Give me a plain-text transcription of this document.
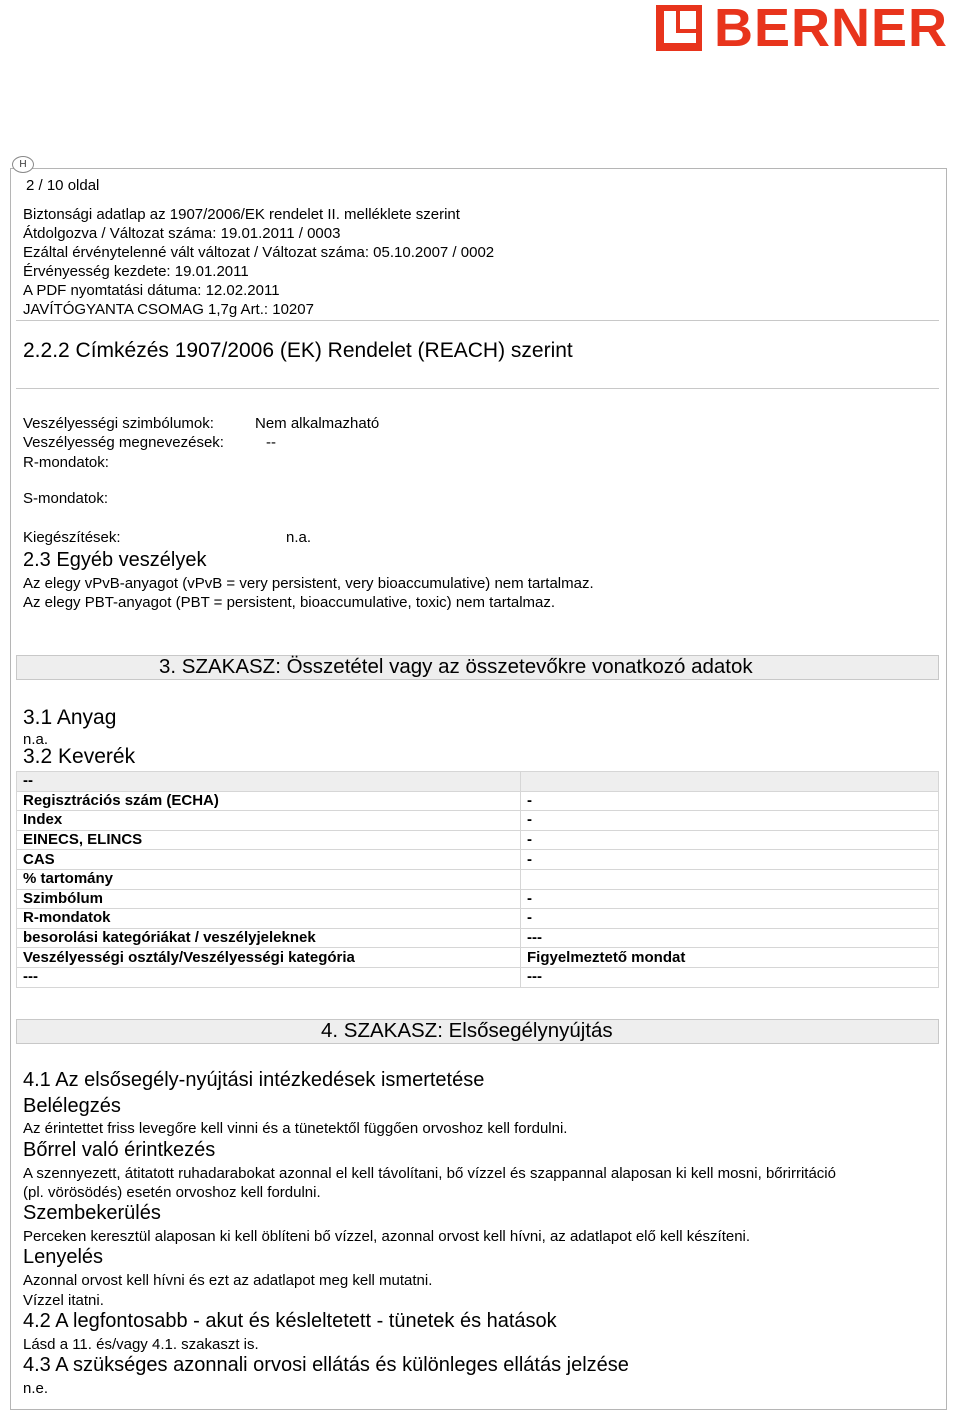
BERNER
H
2 / 10 oldal
Biztonsági adatlap az 1907/2006/EK rendelet II. melléklete szerint
Átdolgozva / Változat száma: 19.01.2011 / 0003
Ezáltal érvénytelenné vált változat / Változat száma: 05.10.2007 / 0002
Érvényesség kezdete: 19.01.2011
A PDF nyomtatási dátuma: 12.02.2011
JAVÍTÓGYANTA CSOMAG 1,7g Art.: 10207
2.2.2 Címkézés 1907/2006 (EK) Rendelet (REACH) szerint
Veszélyességi szimbólumok:	Nem alkalmazható
Veszélyesség megnevezések:	--
R-mondatok:
S-mondatok:
Kiegészítések:	n.a.
2.3 Egyéb veszélyek
Az elegy vPvB-anyagot (vPvB = very persistent, very bioaccumulative) nem tartalmaz.
Az elegy PBT-anyagot (PBT = persistent, bioaccumulative, toxic) nem tartalmaz.
3. SZAKASZ: Összetétel vagy az összetevőkre vonatkozó adatok
3.1 Anyag
n.a.
3.2 Keverék
--	
Regisztrációs szám (ECHA)	-
Index	-
EINECS, ELINCS	-
CAS	-
% tartomány	
Szimbólum	-
R-mondatok	-
besorolási kategóriákat / veszélyjeleknek	---
Veszélyességi osztály/Veszélyességi kategória	Figyelmeztető mondat
---	---
4. SZAKASZ: Elsősegélynyújtás
4.1 Az elsősegély-nyújtási intézkedések ismertetése
Belélegzés
Az érintettet friss levegőre kell vinni és a tünetektől függően orvoshoz kell fordulni.
Bőrrel való érintkezés
A szennyezett, átitatott ruhadarabokat azonnal el kell távolítani, bő vízzel és szappannal alaposan ki kell mosni, bőrirritáció
(pl. vörösödés) esetén orvoshoz kell fordulni.
Szembekerülés
Perceken keresztül alaposan ki kell öblíteni bő vízzel, azonnal orvost kell hívni, az adatlapot elő kell készíteni.
Lenyelés
Azonnal orvost kell hívni és ezt az adatlapot meg kell mutatni.
Vízzel itatni.
4.2 A legfontosabb - akut és késleltetett - tünetek és hatások
Lásd a 11. és/vagy 4.1. szakaszt is.
4.3 A szükséges azonnali orvosi ellátás és különleges ellátás jelzése
n.e.
